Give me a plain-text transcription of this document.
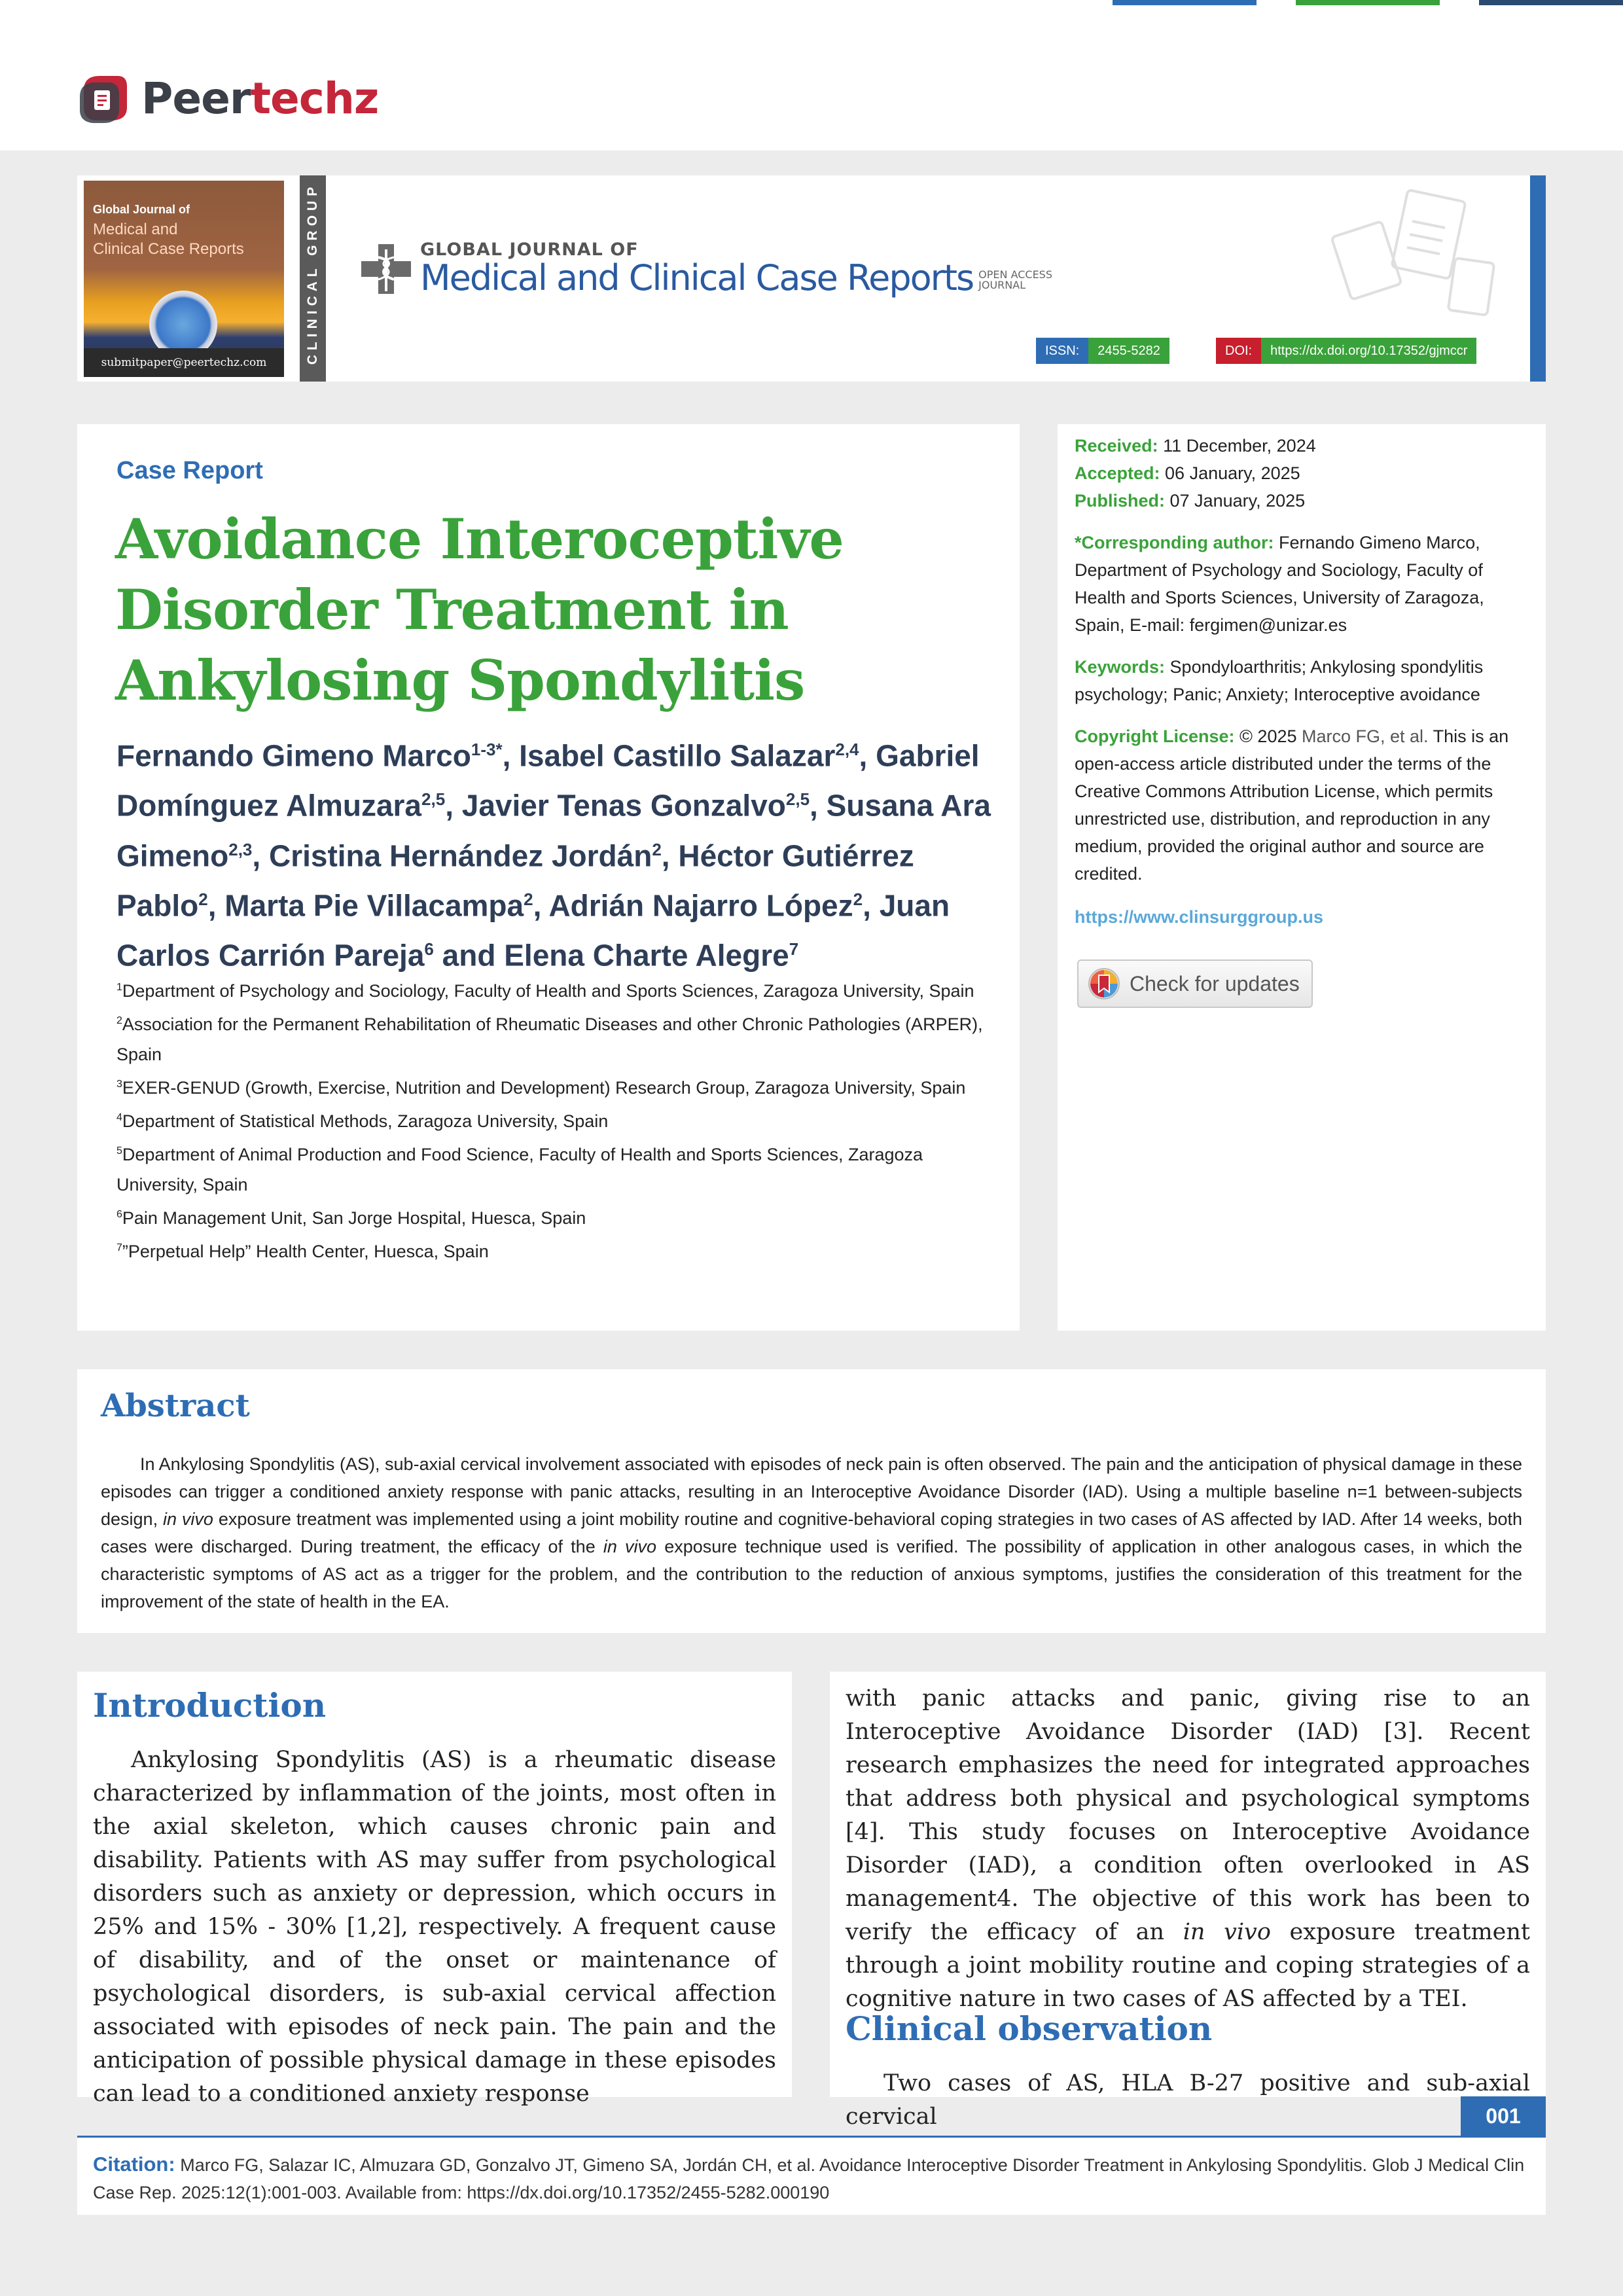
Peertechz
Global Journal of
Medical and
Clinical Case Reports
submitpaper@peertechz.com	CLINICAL GROUP	GLOBAL JOURNAL OF
Medical and Clinical Case Reports OPEN ACCESS
JOURNAL
ISSN:	2455-5282	DOI:	https://dx.doi.org/10.17352/gjmccr
Case Report
Avoidance Interoceptive Disorder Treatment in Ankylosing Spondylitis
Fernando Gimeno Marco$^{1-3*}$, Isabel Castillo Salazar$^{2,4}$, Gabriel Domínguez Almuzara$^{2,5}$, Javier Tenas Gonzalvo$^{2,5}$, Susana Ara Gimeno$^{2,3}$, Cristina Hernández Jordán$^2$, Héctor Gutiérrez Pablo$^2$, Marta Pie Villacampa$^2$, Adrián Najarro López$^2$, Juan Carlos Carrión Pareja$^6$ and Elena Charte Alegre$^7$
$^1$Department of Psychology and Sociology, Faculty of Health and Sports Sciences, Zaragoza University, Spain
$^2$Association for the Permanent Rehabilitation of Rheumatic Diseases and other Chronic Pathologies (ARPER), Spain
$^3$EXER-GENUD (Growth, Exercise, Nutrition and Development) Research Group, Zaragoza University, Spain
$^4$Department of Statistical Methods, Zaragoza University, Spain
$^5$Department of Animal Production and Food Science, Faculty of Health and Sports Sciences, Zaragoza University, Spain
$^6$Pain Management Unit, San Jorge Hospital, Huesca, Spain
$^7$”Perpetual Help” Health Center, Huesca, Spain
Received: 11 December, 2024
Accepted: 06 January, 2025
Published: 07 January, 2025
*Corresponding author: Fernando Gimeno Marco, Department of Psychology and Sociology, Faculty of Health and Sports Sciences, University of Zaragoza, Spain, E-mail: fergimen@unizar.es
Keywords: Spondyloarthritis; Ankylosing spondylitis psychology; Panic; Anxiety; Interoceptive avoidance
Copyright License: © 2025 Marco FG, et al. This is an open-access article distributed under the terms of the Creative Commons Attribution License, which permits unrestricted use, distribution, and reproduction in any medium, provided the original author and source are credited.
https://www.clinsurggroup.us
Check for updates
Abstract

In Ankylosing Spondylitis (AS), sub-axial cervical involvement associated with episodes of neck pain is often observed. The pain and the anticipation of physical damage in these episodes can trigger a conditioned anxiety response with panic attacks, resulting in an Interoceptive Avoidance Disorder (IAD). Using a multiple baseline n=1 between-subjects design, in vivo exposure treatment was implemented using a joint mobility routine and cognitive-behavioral coping strategies in two cases of AS affected by IAD. After 14 weeks, both cases were discharged. During treatment, the efficacy of the in vivo exposure technique used is verified. The possibility of application in other analogous cases, in which the characteristic symptoms of AS act as a trigger for the problem, and the contribution to the reduction of anxious symptoms, justifies the consideration of this treatment for the improvement of the state of health in the EA.

Introduction

Ankylosing Spondylitis (AS) is a rheumatic disease characterized by inflammation of the joints, most often in the axial skeleton, which causes chronic pain and disability. Patients with AS may suffer from psychological disorders such as anxiety or depression, which occurs in 25% and 15% - 30% [1,2], respectively. A frequent cause of disability, and of the onset or maintenance of psychological disorders, is sub-axial cervical affection associated with episodes of neck pain. The pain and the anticipation of possible physical damage in these episodes can lead to a conditioned anxiety response

with panic attacks and panic, giving rise to an Interoceptive Avoidance Disorder (IAD) [3]. Recent research emphasizes the need for integrated approaches that address both physical and psychological symptoms [4]. This study focuses on Interoceptive Avoidance Disorder (IAD), a condition often overlooked in AS management4. The objective of this work has been to verify the efficacy of an in vivo exposure treatment through a joint mobility routine and coping strategies of a cognitive nature in two cases of AS affected by a TEI.

Clinical observation

Two cases of AS, HLA B-27 positive and sub-axial cervical	001

Citation: Marco FG, Salazar IC, Almuzara GD, Gonzalvo JT, Gimeno SA, Jordán CH, et al. Avoidance Interoceptive Disorder Treatment in Ankylosing Spondylitis. Glob J Medical Clin Case Rep. 2025:12(1):001-003. Available from: https://dx.doi.org/10.17352/2455-5282.000190
